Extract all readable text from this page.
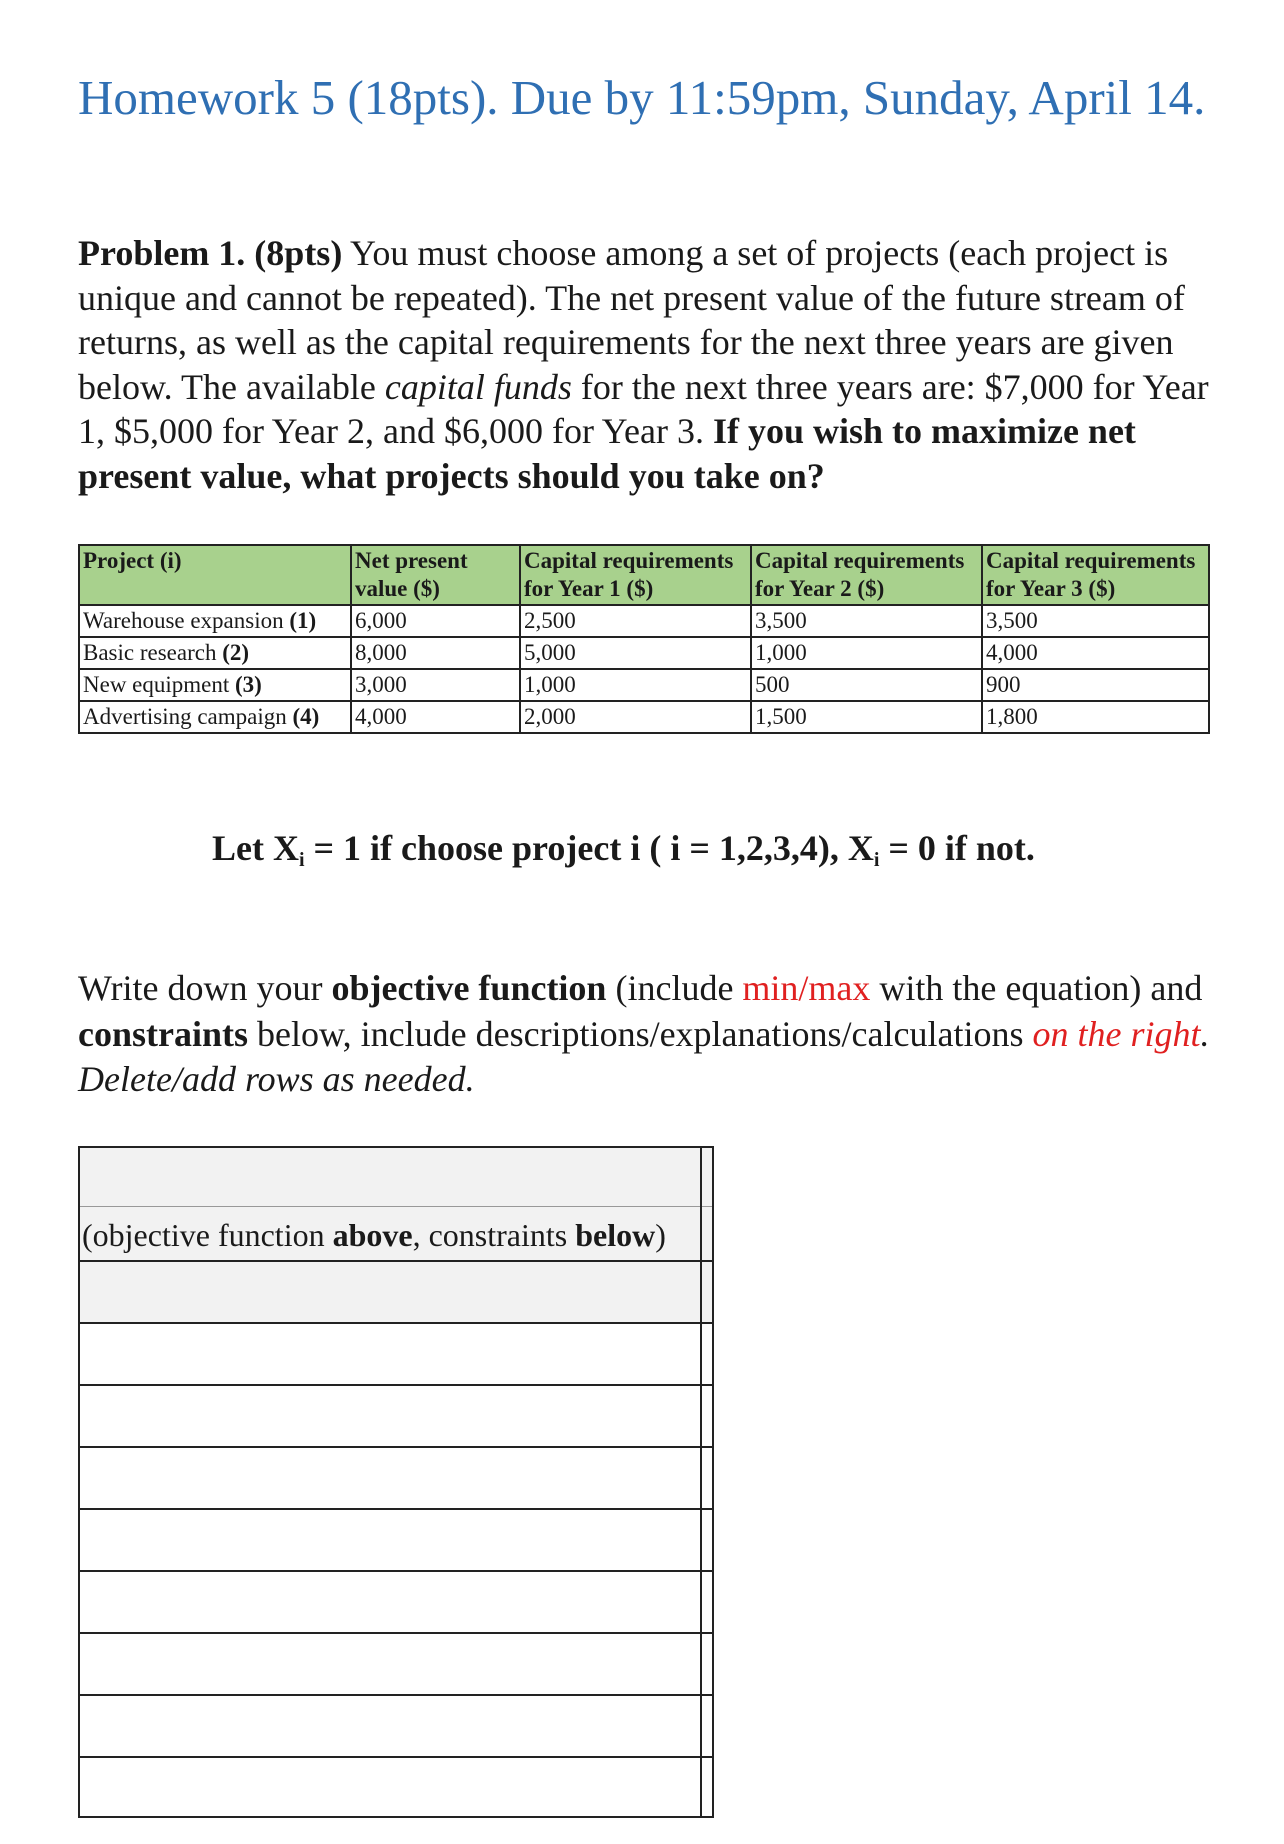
Homework 5 (18pts). Due by 11:59pm, Sunday, April 14.

Problem 1. (8pts) You must choose among a set of projects (each project is unique and cannot be repeated). The net present value of the future stream of returns, as well as the capital requirements for the next three years are given below. The available capital funds for the next three years are: $7,000 for Year 1, $5,000 for Year 2, and $6,000 for Year 3. If you wish to maximize net present value, what projects should you take on?

Project (i)	Net present value ($)	Capital requirements for Year 1 ($)	Capital requirements for Year 2 ($)	Capital requirements for Year 3 ($)
Warehouse expansion (1)	6,000	2,500	3,500	3,500
Basic research (2)	8,000	5,000	1,000	4,000
New equipment (3)	3,000	1,000	500	900
Advertising campaign (4)	4,000	2,000	1,500	1,800

Let $X_i = 1$ if choose project i ( i = 1,2,3,4), $X_i = 0$ if not.

Write down your objective function (include min/max with the equation) and constraints below, include descriptions/explanations/calculations on the right. Delete/add rows as needed.

(objective function above, constraints below)
